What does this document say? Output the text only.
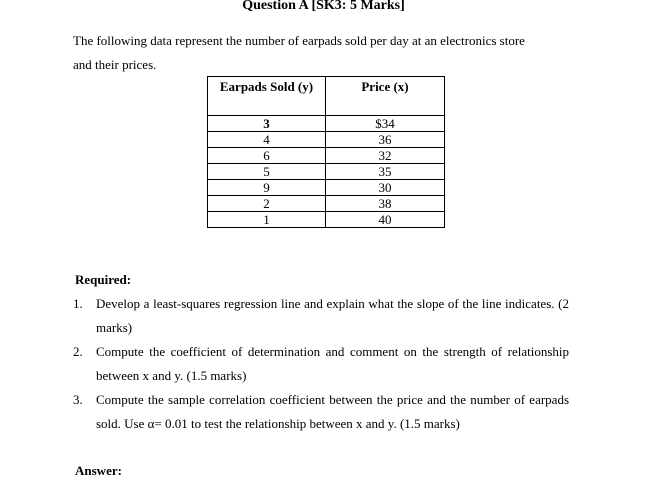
Question A [SK3: 5 Marks]

The following data represent the number of earpads sold per day at an electronics store

and their prices.

Earpads Sold (y)	Price (x)
3	$34
4	36
6	32
5	35
9	30
2	38
1	40
Required:
1. Develop a least-squares regression line and explain what the slope of the line indicates. (2 marks)
2. Compute the coefficient of determination and comment on the strength of relationship between x and y. (1.5 marks)
3. Compute the sample correlation coefficient between the price and the number of earpads sold. Use α= 0.01 to test the relationship between x and y. (1.5 marks)
Answer:
